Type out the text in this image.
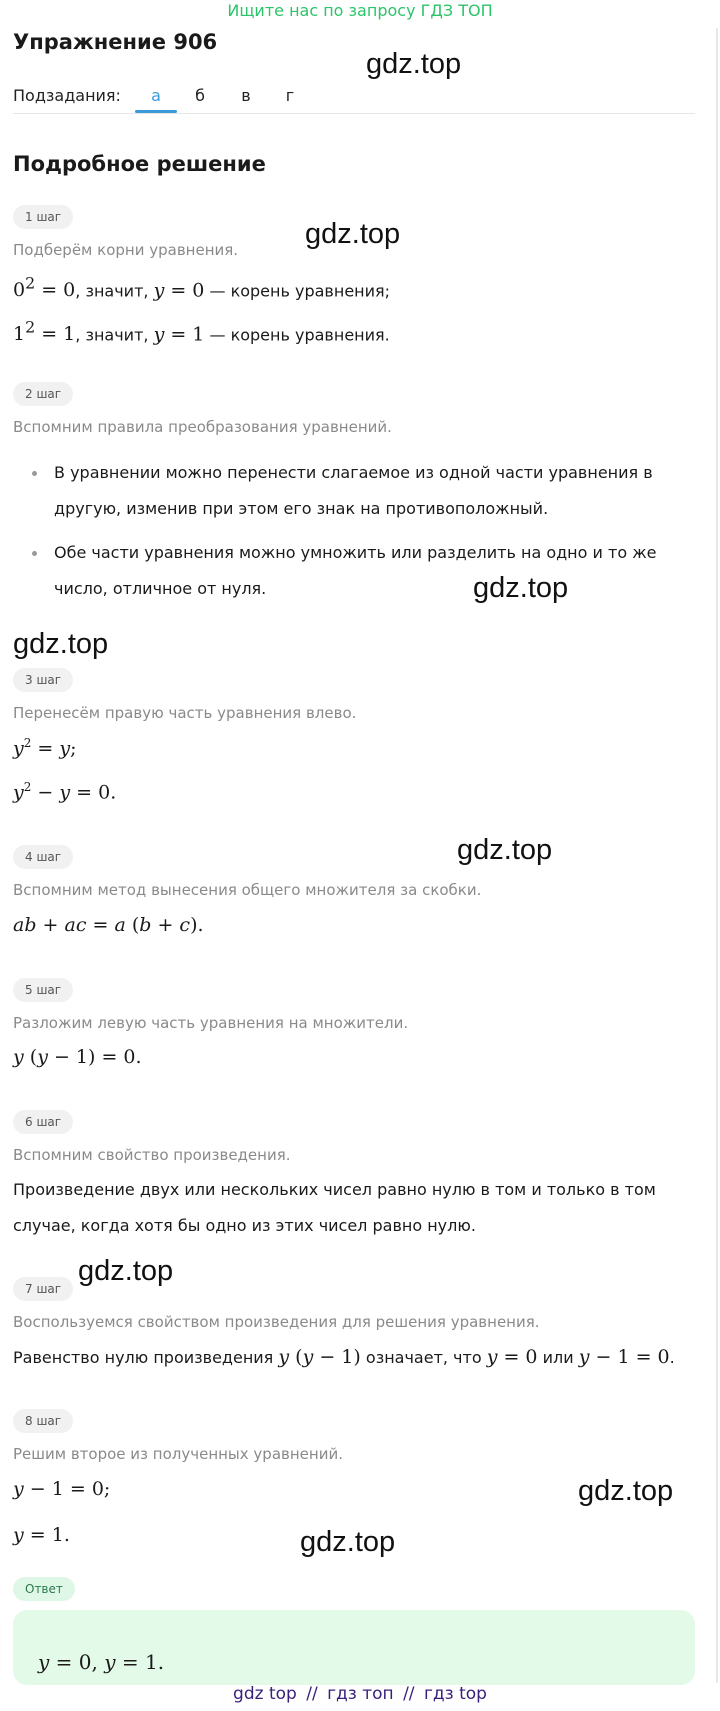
Ищите нас по запросу ГДЗ ТОП
Упражнение 906
Подзадания:	а	б	в	г
Подробное решение
1 шаг
Подберём корни уравнения.
$0^2 = 0$, значит, y = 0 — корень уравнения;
$1^2 = 1$, значит, y = 1 — корень уравнения.
2 шаг
Вспомним правила преобразования уравнений.
В уравнении можно перенести слагаемое из одной части уравнения в другую, изменив при этом его знак на противоположный.
Обе части уравнения можно умножить или разделить на одно и то же число, отличное от нуля.
3 шаг
Перенесём правую часть уравнения влево.
$y^2 = y$;
$y^2 - y = 0$.
4 шаг
Вспомним метод вынесения общего множителя за скобки.
ab + ac = a (b + c).
5 шаг
Разложим левую часть уравнения на множители.
y (y − 1) = 0.
6 шаг
Вспомним свойство произведения.
Произведение двух или нескольких чисел равно нулю в том и только в том случае, когда хотя бы одно из этих чисел равно нулю.
7 шаг
Воспользуемся свойством произведения для решения уравнения.
Равенство нулю произведения y (y − 1) означает, что y = 0 или y − 1 = 0.
8 шаг
Решим второе из полученных уравнений.
y − 1 = 0;
y = 1.
Ответ
y = 0, y = 1.
gdz.top
gdz.top
gdz.top
gdz.top
gdz.top
gdz.top
gdz.top
gdz.top
gdz top // гдз топ // гдз top
